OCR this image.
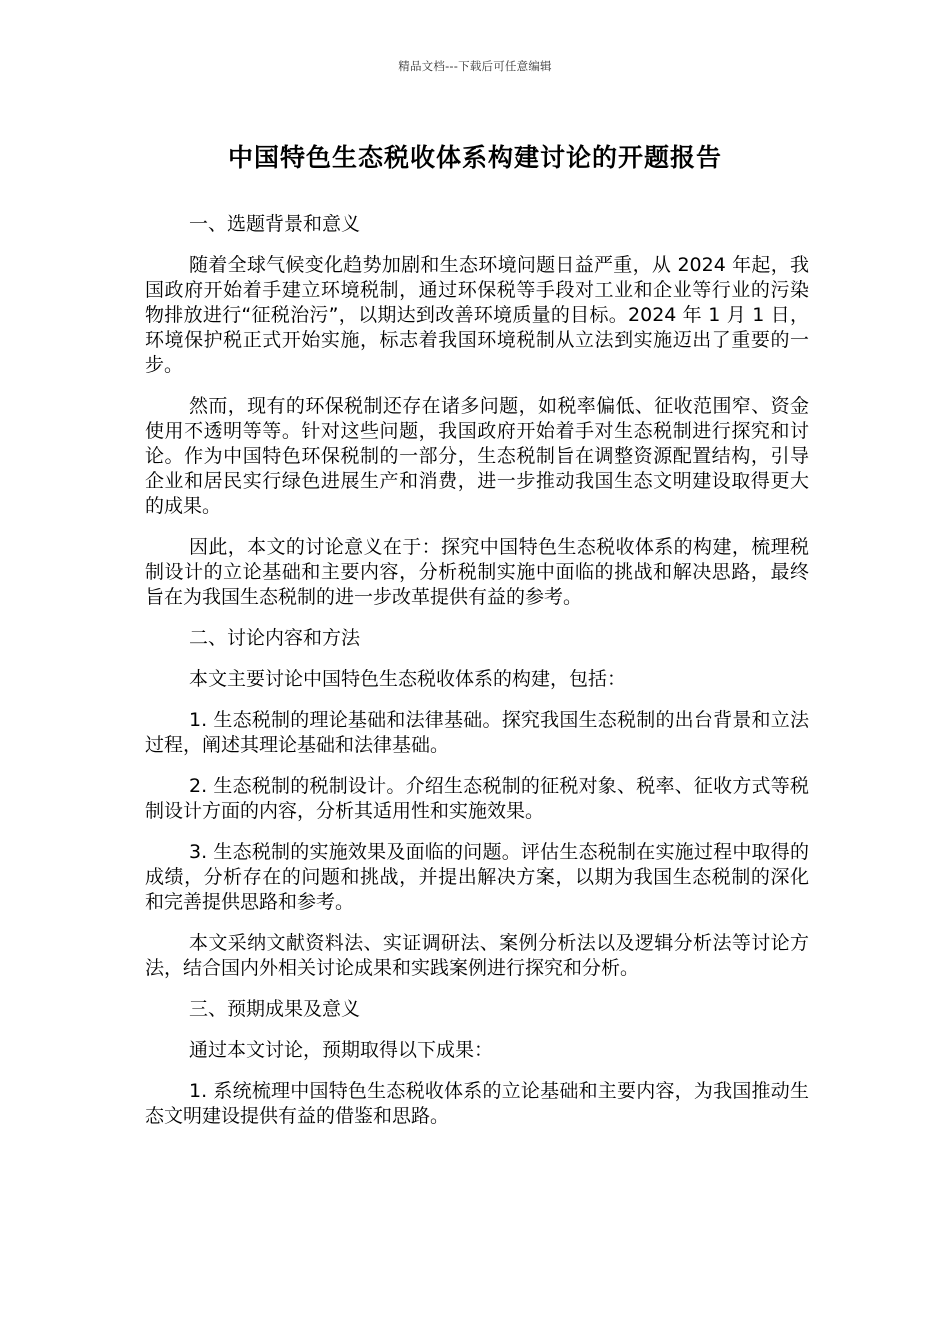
精品文档---下载后可任意编辑
中国特色生态税收体系构建讨论的开题报告

一、选题背景和意义

随着全球气候变化趋势加剧和生态环境问题日益严重，从 2024 年起，我国政府开始着手建立环境税制，通过环保税等手段对工业和企业等行业的污染物排放进行“征税治污”，以期达到改善环境质量的目标。2024 年 1 月 1 日，环境保护税正式开始实施，标志着我国环境税制从立法到实施迈出了重要的一步。

然而，现有的环保税制还存在诸多问题，如税率偏低、征收范围窄、资金使用不透明等等。针对这些问题，我国政府开始着手对生态税制进行探究和讨论。作为中国特色环保税制的一部分，生态税制旨在调整资源配置结构，引导企业和居民实行绿色进展生产和消费，进一步推动我国生态文明建设取得更大的成果。

因此，本文的讨论意义在于：探究中国特色生态税收体系的构建，梳理税制设计的立论基础和主要内容，分析税制实施中面临的挑战和解决思路，最终旨在为我国生态税制的进一步改革提供有益的参考。

二、讨论内容和方法

本文主要讨论中国特色生态税收体系的构建，包括：

1. 生态税制的理论基础和法律基础。探究我国生态税制的出台背景和立法过程，阐述其理论基础和法律基础。

2. 生态税制的税制设计。介绍生态税制的征税对象、税率、征收方式等税制设计方面的内容，分析其适用性和实施效果。

3. 生态税制的实施效果及面临的问题。评估生态税制在实施过程中取得的成绩，分析存在的问题和挑战，并提出解决方案，以期为我国生态税制的深化和完善提供思路和参考。

本文采纳文献资料法、实证调研法、案例分析法以及逻辑分析法等讨论方法，结合国内外相关讨论成果和实践案例进行探究和分析。

三、预期成果及意义

通过本文讨论，预期取得以下成果：

1. 系统梳理中国特色生态税收体系的立论基础和主要内容，为我国推动生态文明建设提供有益的借鉴和思路。
